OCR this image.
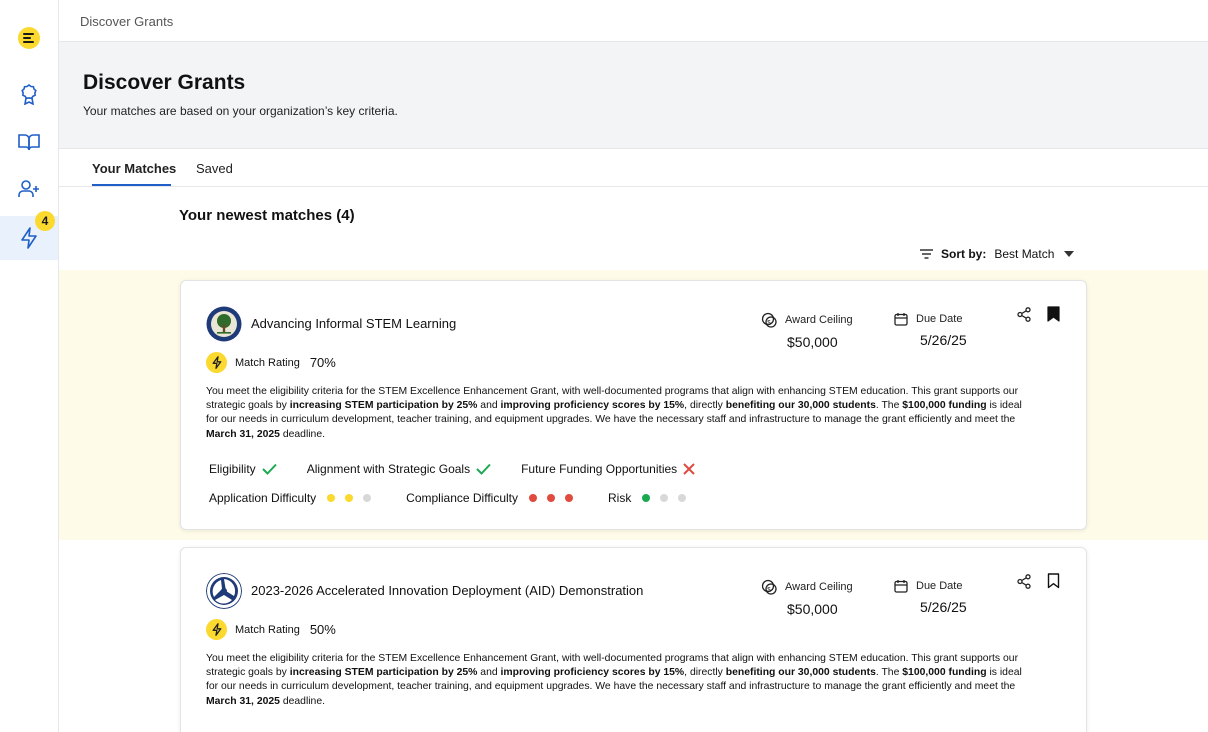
4
Discover Grants
Discover Grants

Your matches are based on your organization’s key criteria.

Your Matches Saved
Your newest matches (4)
Sort by: Best Match
Advancing Informal STEM Learning	$ Award Ceiling
$50,000
Due Date
5/26/25
Match Rating 70%
You meet the eligibility criteria for the STEM Excellence Enhancement Grant, with well-documented programs that align with enhancing STEM education. This grant supports our strategic goals by increasing STEM participation by 25% and improving proficiency scores by 15%, directly benefiting our 30,000 students. The $100,000 funding is ideal for our needs in curriculum development, teacher training, and equipment upgrades. We have the necessary staff and infrastructure to manage the grant efficiently and meet the March 31, 2025 deadline.
Eligibility	Alignment with Strategic Goals	Future Funding Opportunities
Application Difficulty	Compliance Difficulty	Risk
2023-2026 Accelerated Innovation Deployment (AID) Demonstration	$ Award Ceiling
$50,000
Due Date
5/26/25
Match Rating 50%
You meet the eligibility criteria for the STEM Excellence Enhancement Grant, with well-documented programs that align with enhancing STEM education. This grant supports our strategic goals by increasing STEM participation by 25% and improving proficiency scores by 15%, directly benefiting our 30,000 students. The $100,000 funding is ideal for our needs in curriculum development, teacher training, and equipment upgrades. We have the necessary staff and infrastructure to manage the grant efficiently and meet the March 31, 2025 deadline.
